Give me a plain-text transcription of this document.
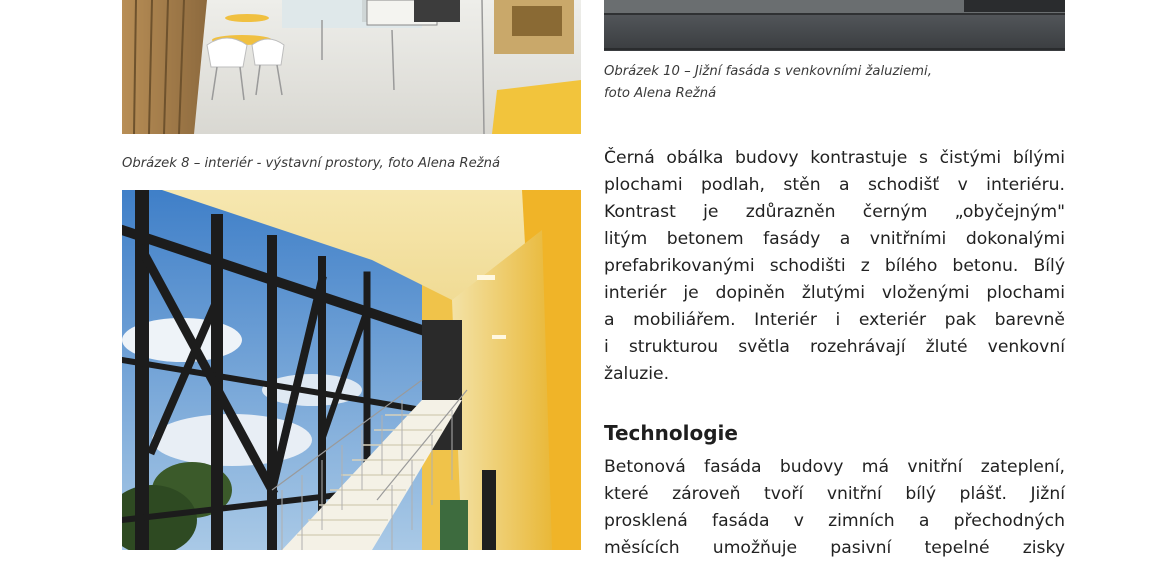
Obrázek 8 – interiér - výstavní prostory, foto Alena Režná
Obrázek 10 – Jižní fasáda s venkovními žaluziemi,
foto Alena Režná

Černá obálka budovy kontrastuje s čistými bílými
plochami podlah, stěn a schodišť v interiéru.
Kontrast je zdůrazněn černým „obyčejným"
litým betonem fasády a vnitřními dokonalými
prefabrikovanými schodišti z bílého betonu. Bílý
interiér je dopiněn žlutými vloženými plochami
a mobiliářem. Interiér i exteriér pak barevně
i strukturou světla rozehrávají žluté venkovní
žaluzie.

Technologie

Betonová fasáda budovy má vnitřní zateplení,
které zároveň tvoří vnitřní bílý plášť. Jižní
prosklená fasáda v zimních a přechodných
měsících umožňuje pasivní tepelné zisky
